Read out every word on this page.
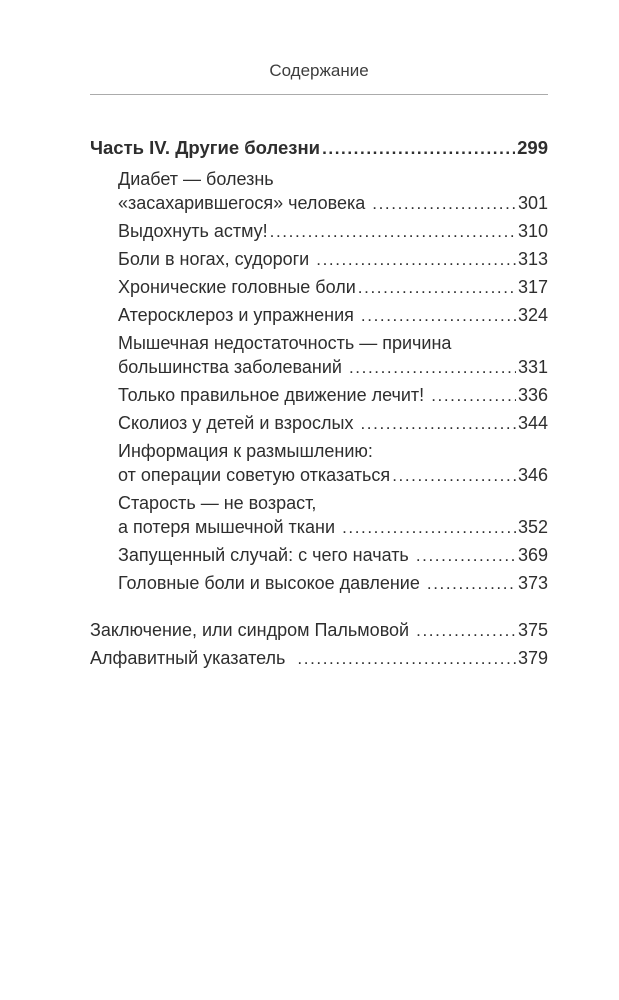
Содержание
Часть IV. Другие болезни .....	299
Диабет — болезнь
«засахарившегося» человека .....	301
Выдохнуть астму! .....	310
Боли в ногах, судороги .....	313
Хронические головные боли .....	317
Атеросклероз и упражнения .....	324
Мышечная недостаточность — причина
большинства заболеваний .....	331
Только правильное движение лечит! .....	336
Сколиоз у детей и взрослых .....	344
Информация к размышлению:
от операции советую отказаться .....	346
Старость — не возраст,
а потеря мышечной ткани .....	352
Запущенный случай: с чего начать .....	369
Головные боли и высокое давление .....	373
Заключение, или синдром Пальмовой .....	375
Алфавитный указатель .....	379
